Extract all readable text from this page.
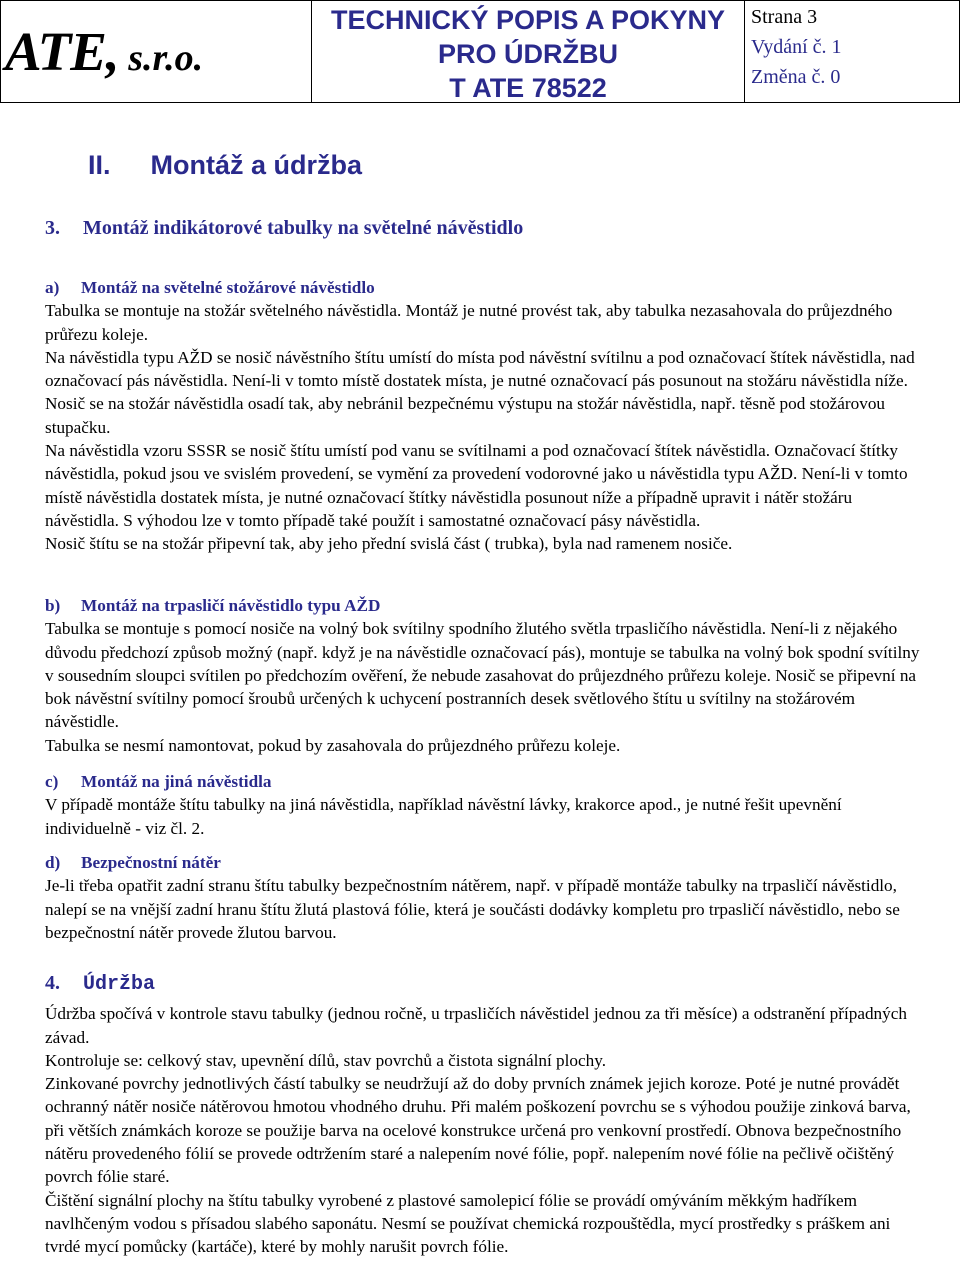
ATE, s.r.o.
TECHNICKÝ POPIS A POKYNY
PRO ÚDRŽBU
T ATE 78522
Strana 3
Vydání č. 1
Změna č. 0
II. Montáž a údržba
3. Montáž indikátorové tabulky na světelné návěstidlo
a) Montáž na světelné stožárové návěstidlo

Tabulka se montuje na stožár světelného návěstidla. Montáž je nutné provést tak, aby tabulka nezasahovala do průjezdného průřezu koleje.

Na návěstidla typu AŽD se nosič návěstního štítu umístí do místa pod návěstní svítilnu a pod označovací štítek návěstidla, nad označovací pás návěstidla. Není-li v tomto místě dostatek místa, je nutné označovací pás posunout na stožáru návěstidla níže. Nosič se na stožár návěstidla osadí tak, aby nebránil bezpečnému výstupu na stožár návěstidla, např. těsně pod stožárovou stupačku.

Na návěstidla vzoru SSSR se nosič štítu umístí pod vanu se svítilnami a pod označovací štítek návěstidla. Označovací štítky návěstidla, pokud jsou ve svislém provedení, se vymění za provedení vodorovné jako u návěstidla typu AŽD. Není-li v tomto místě návěstidla dostatek místa, je nutné označovací štítky návěstidla posunout níže a případně upravit i nátěr stožáru návěstidla. S výhodou lze v tomto případě také použít i samostatné označovací pásy návěstidla.

Nosič štítu se na stožár připevní tak, aby jeho přední svislá část ( trubka), byla nad ramenem nosiče.

b) Montáž na trpasličí návěstidlo typu AŽD

Tabulka se montuje s pomocí nosiče na volný bok svítilny spodního žlutého světla trpasličího návěstidla. Není-li z nějakého důvodu předchozí způsob možný (např. když je na návěstidle označovací pás), montuje se tabulka na volný bok spodní svítilny v sousedním sloupci svítilen po předchozím ověření, že nebude zasahovat do průjezdného průřezu koleje. Nosič se připevní na bok návěstní svítilny pomocí šroubů určených k uchycení postranních desek světlového štítu u svítilny na stožárovém návěstidle.

Tabulka se nesmí namontovat, pokud by zasahovala do průjezdného průřezu koleje.

c) Montáž na jiná návěstidla

V případě montáže štítu tabulky na jiná návěstidla, například návěstní lávky, krakorce apod., je nutné řešit upevnění individuelně - viz čl. 2.

d) Bezpečnostní nátěr

Je-li třeba opatřit zadní stranu štítu tabulky bezpečnostním nátěrem, např. v případě montáže tabulky na trpasličí návěstidlo, nalepí se na vnější zadní hranu štítu žlutá plastová fólie, která je součásti dodávky kompletu pro trpasličí návěstidlo, nebo se bezpečnostní nátěr provede žlutou barvou.

4. Údržba

Údržba spočívá v kontrole stavu tabulky (jednou ročně, u trpasličích návěstidel jednou za tři měsíce) a odstranění případných závad.

Kontroluje se: celkový stav, upevnění dílů, stav povrchů a čistota signální plochy.

Zinkované povrchy jednotlivých částí tabulky se neudržují až do doby prvních známek jejich koroze. Poté je nutné provádět ochranný nátěr nosiče nátěrovou hmotou vhodného druhu. Při malém poškození povrchu se s výhodou použije zinková barva, při větších známkách koroze se použije barva na ocelové konstrukce určená pro venkovní prostředí. Obnova bezpečnostního nátěru provedeného fólií se provede odtržením staré a nalepením nové fólie, popř. nalepením nové fólie na pečlivě očištěný povrch fólie staré.

Čištění signální plochy na štítu tabulky vyrobené z plastové samolepicí fólie se provádí omýváním měkkým hadříkem navlhčeným vodou s přísadou slabého saponátu. Nesmí se používat chemická rozpouštědla, mycí prostředky s práškem ani tvrdé mycí pomůcky (kartáče), které by mohly narušit povrch fólie.
